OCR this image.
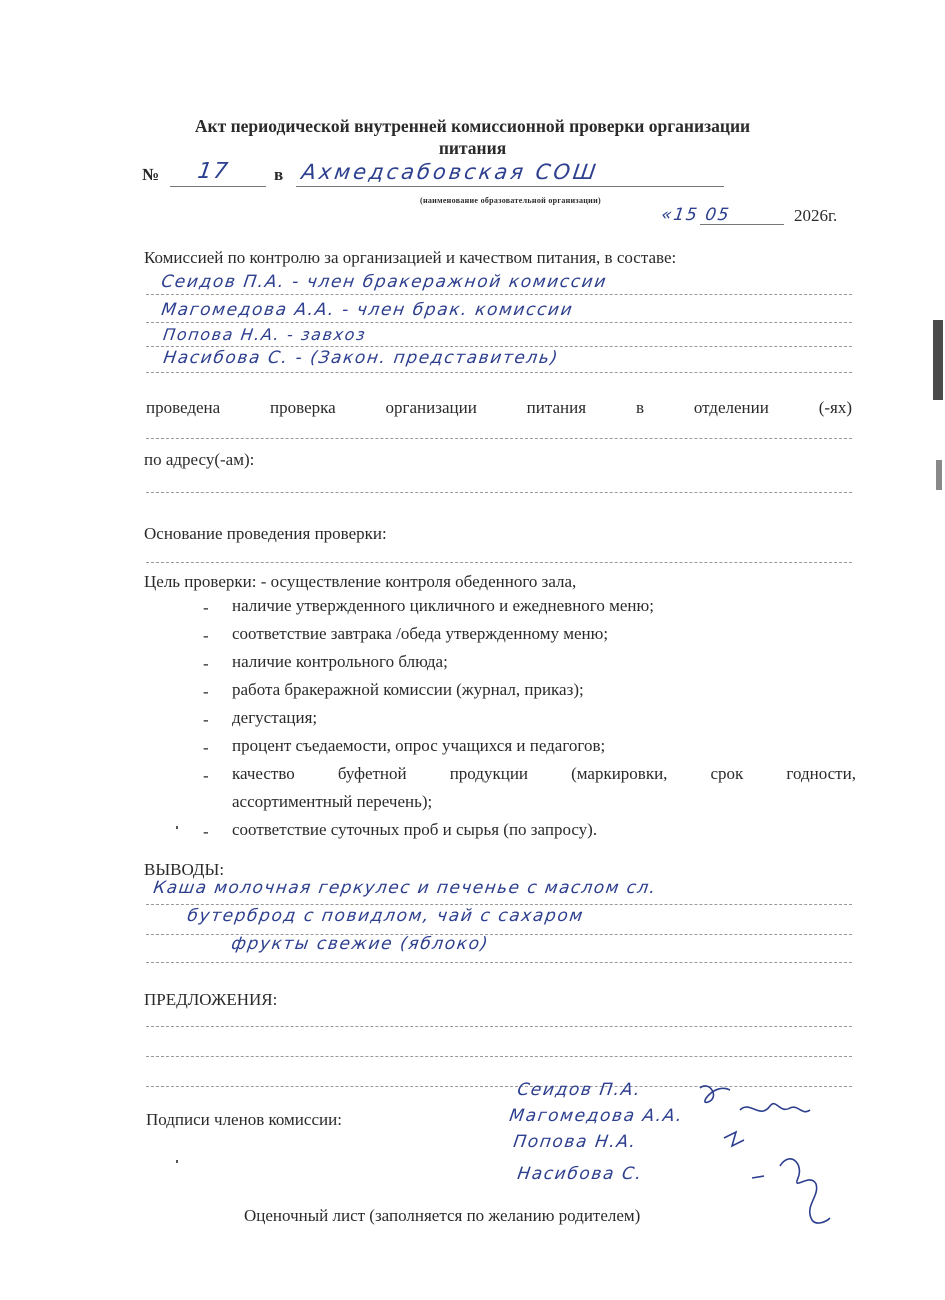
Акт периодической внутренней комиссионной проверки организации
питания
№ 17	в Ахмедсабовская СОШ
(наименование образовательной организации)
«15 05	2026г.
Комиссией по контролю за организацией и качеством питания, в составе:
Сеидов П.А. - член бракеражной комиссии
Магомедова А.А. - член брак. комиссии
Попова Н.А. - завхоз
Насибова С. - (Закон. представитель)
проведена	проверка	организации	питания	в	отделении	(-ях)
по адресу(-ам):
Основание проведения проверки:
Цель проверки: - осуществление контроля обеденного зала,
- наличие утвержденного цикличного и ежедневного меню;
- соответствие завтрака /обеда утвержденному меню;
- наличие контрольного блюда;
- работа бракеражной комиссии (журнал, приказ);
- дегустация;
- процент съедаемости, опрос учащихся и педагогов;
- качество	буфетной	продукции	(маркировки,	срок	годности,
ассортиментный перечень);
- соответствие суточных проб и сырья (по запросу).
ВЫВОДЫ:
Каша молочная геркулес и печенье с маслом сл.
бутерброд с повидлом, чай с сахаром
фрукты свежие (яблоко)
ПРЕДЛОЖЕНИЯ:
Подписи членов комиссии:
Сеидов П.А.
Магомедова А.А.
Попова Н.А.
Насибова С.
Оценочный лист (заполняется по желанию родителем)
